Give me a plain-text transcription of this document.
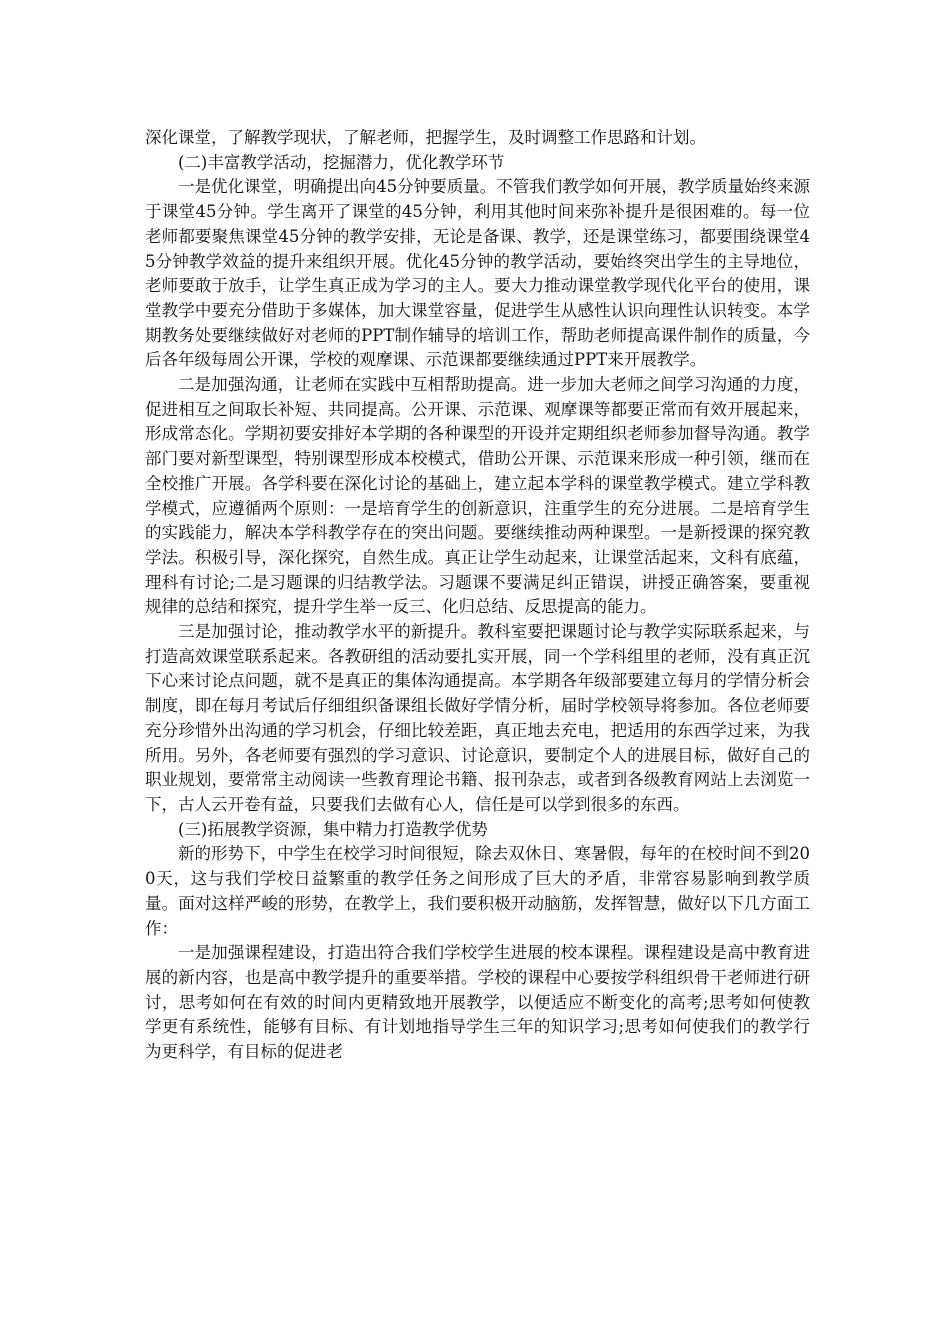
深化课堂，了解教学现状，了解老师，把握学生，及时调整工作思路和计划。

(二)丰富教学活动，挖掘潜力，优化教学环节

一是优化课堂，明确提出向45分钟要质量。不管我们教学如何开展，教学质量始终来源于课堂45分钟。学生离开了课堂的45分钟，利用其他时间来弥补提升是很困难的。每一位老师都要聚焦课堂45分钟的教学安排，无论是备课、教学，还是课堂练习，都要围绕课堂45分钟教学效益的提升来组织开展。优化45分钟的教学活动，要始终突出学生的主导地位，老师要敢于放手，让学生真正成为学习的主人。要大力推动课堂教学现代化平台的使用，课堂教学中要充分借助于多媒体，加大课堂容量，促进学生从感性认识向理性认识转变。本学期教务处要继续做好对老师的PPT制作辅导的培训工作，帮助老师提高课件制作的质量，今后各年级每周公开课，学校的观摩课、示范课都要继续通过PPT来开展教学。

二是加强沟通，让老师在实践中互相帮助提高。进一步加大老师之间学习沟通的力度，促进相互之间取长补短、共同提高。公开课、示范课、观摩课等都要正常而有效开展起来，形成常态化。学期初要安排好本学期的各种课型的开设并定期组织老师参加督导沟通。教学部门要对新型课型，特别课型形成本校模式，借助公开课、示范课来形成一种引领，继而在全校推广开展。各学科要在深化讨论的基础上，建立起本学科的课堂教学模式。建立学科教学模式，应遵循两个原则：一是培育学生的创新意识，注重学生的充分进展。二是培育学生的实践能力，解决本学科教学存在的突出问题。要继续推动两种课型。一是新授课的探究教学法。积极引导，深化探究，自然生成。真正让学生动起来，让课堂活起来，文科有底蕴，理科有讨论;二是习题课的归结教学法。习题课不要满足纠正错误，讲授正确答案，要重视规律的总结和探究，提升学生举一反三、化归总结、反思提高的能力。

三是加强讨论，推动教学水平的新提升。教科室要把课题讨论与教学实际联系起来，与打造高效课堂联系起来。各教研组的活动要扎实开展，同一个学科组里的老师，没有真正沉下心来讨论点问题，就不是真正的集体沟通提高。本学期各年级部要建立每月的学情分析会制度，即在每月考试后仔细组织备课组长做好学情分析，届时学校领导将参加。各位老师要充分珍惜外出沟通的学习机会，仔细比较差距，真正地去充电，把适用的东西学过来，为我所用。另外，各老师要有强烈的学习意识、讨论意识，要制定个人的进展目标，做好自己的职业规划，要常常主动阅读一些教育理论书籍、报刊杂志，或者到各级教育网站上去浏览一下，古人云开卷有益，只要我们去做有心人，信任是可以学到很多的东西。

(三)拓展教学资源，集中精力打造教学优势

新的形势下，中学生在校学习时间很短，除去双休日、寒暑假，每年的在校时间不到200天，这与我们学校日益繁重的教学任务之间形成了巨大的矛盾，非常容易影响到教学质量。面对这样严峻的形势，在教学上，我们要积极开动脑筋，发挥智慧，做好以下几方面工作：

一是加强课程建设，打造出符合我们学校学生进展的校本课程。课程建设是高中教育进展的新内容，也是高中教学提升的重要举措。学校的课程中心要按学科组织骨干老师进行研讨，思考如何在有效的时间内更精致地开展教学，以便适应不断变化的高考;思考如何使教学更有系统性，能够有目标、有计划地指导学生三年的知识学习;思考如何使我们的教学行为更科学，有目标的促进老
